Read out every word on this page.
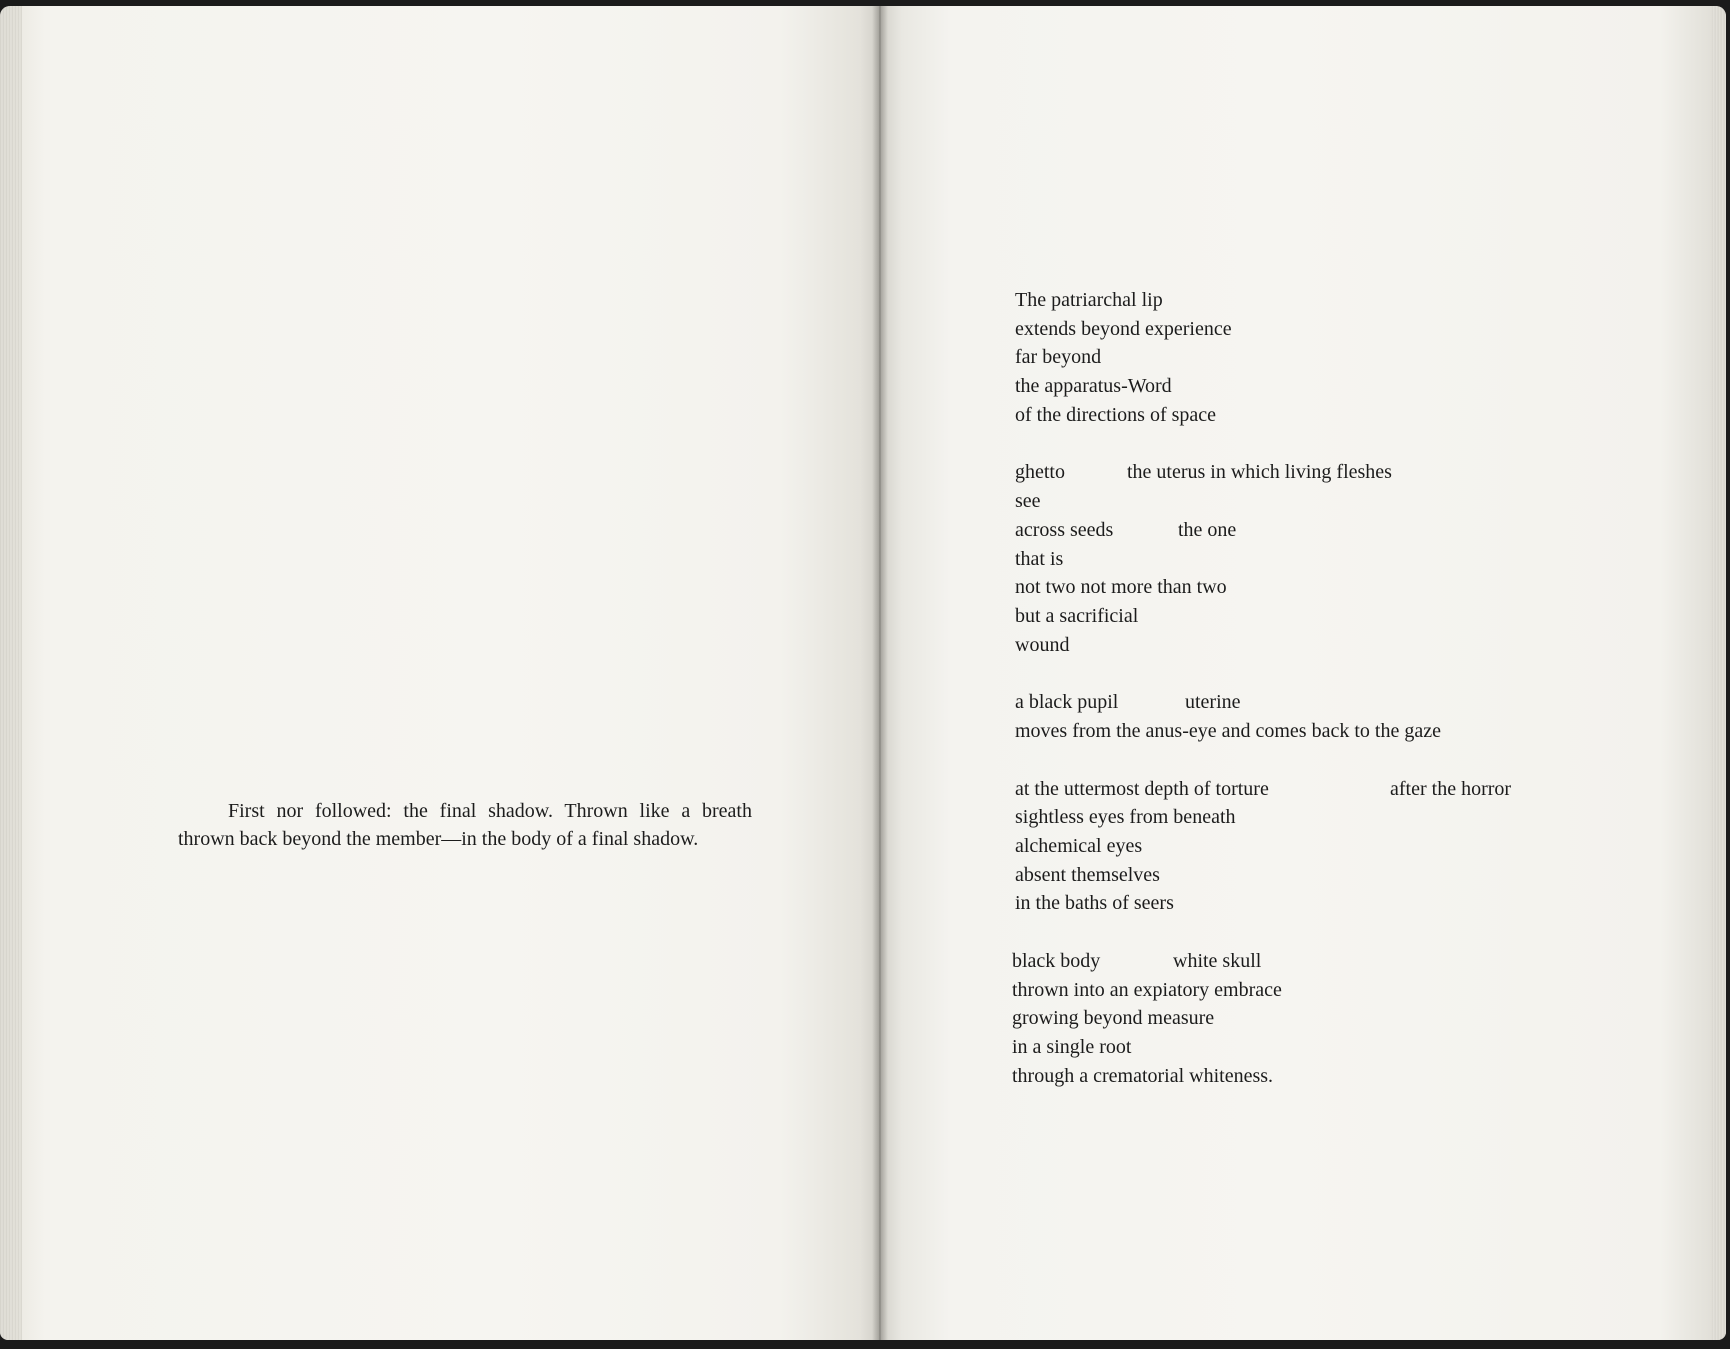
First nor followed: the final shadow. Thrown like a breath thrown back beyond the member—in the body of a final shadow.

The patriarchal lip
extends beyond experience
far beyond
the apparatus-Word
of the directions of space
ghetto	the uterus in which living fleshes
see
across seeds	the one
that is
not two not more than two
but a sacrificial
wound
a black pupil	uterine
moves from the anus-eye and comes back to the gaze
at the uttermost depth of torture	after the horror
sightless eyes from beneath
alchemical eyes
absent themselves
in the baths of seers
black body	white skull
thrown into an expiatory embrace
growing beyond measure
in a single root
through a crematorial whiteness.
